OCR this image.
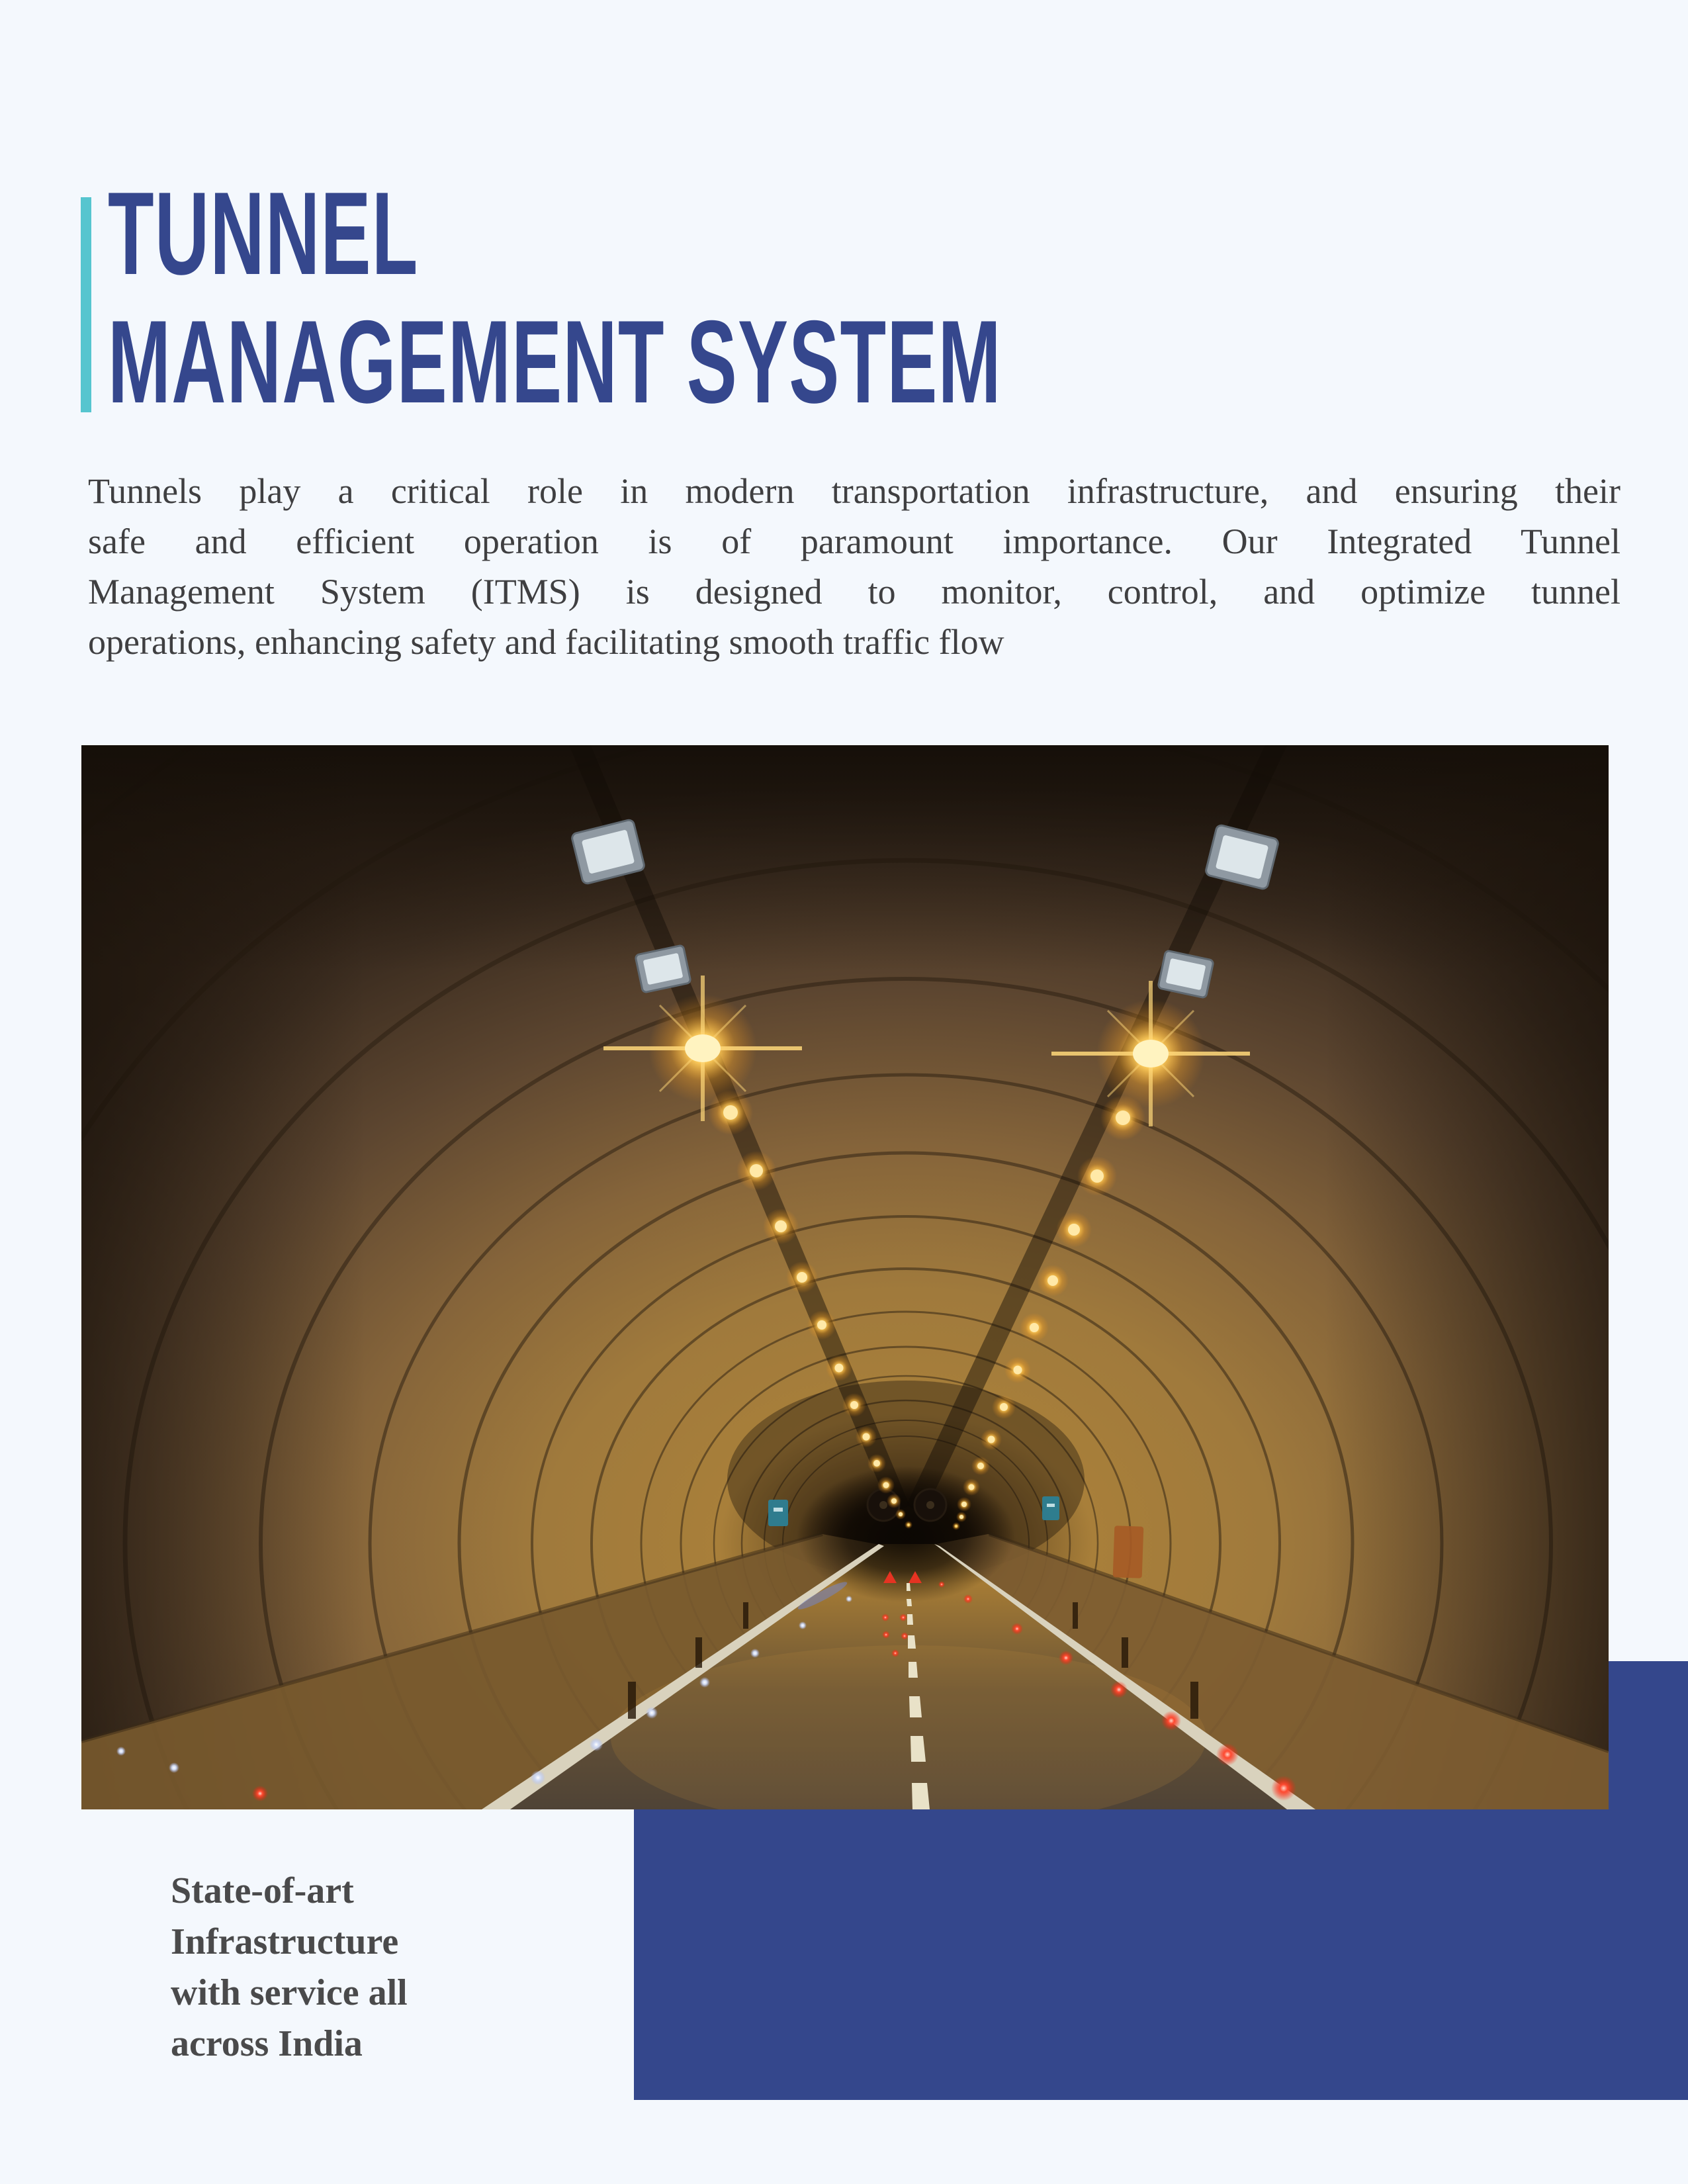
TUNNEL
MANAGEMENT SYSTEM
Tunnels play a critical role in modern transportation infrastructure, and ensuring their
safe and efficient operation is of paramount importance. Our Integrated Tunnel
Management System (ITMS) is designed to monitor, control, and optimize tunnel
operations, enhancing safety and facilitating smooth traffic flow
State-of-art
Infrastructure
with service all
across India
